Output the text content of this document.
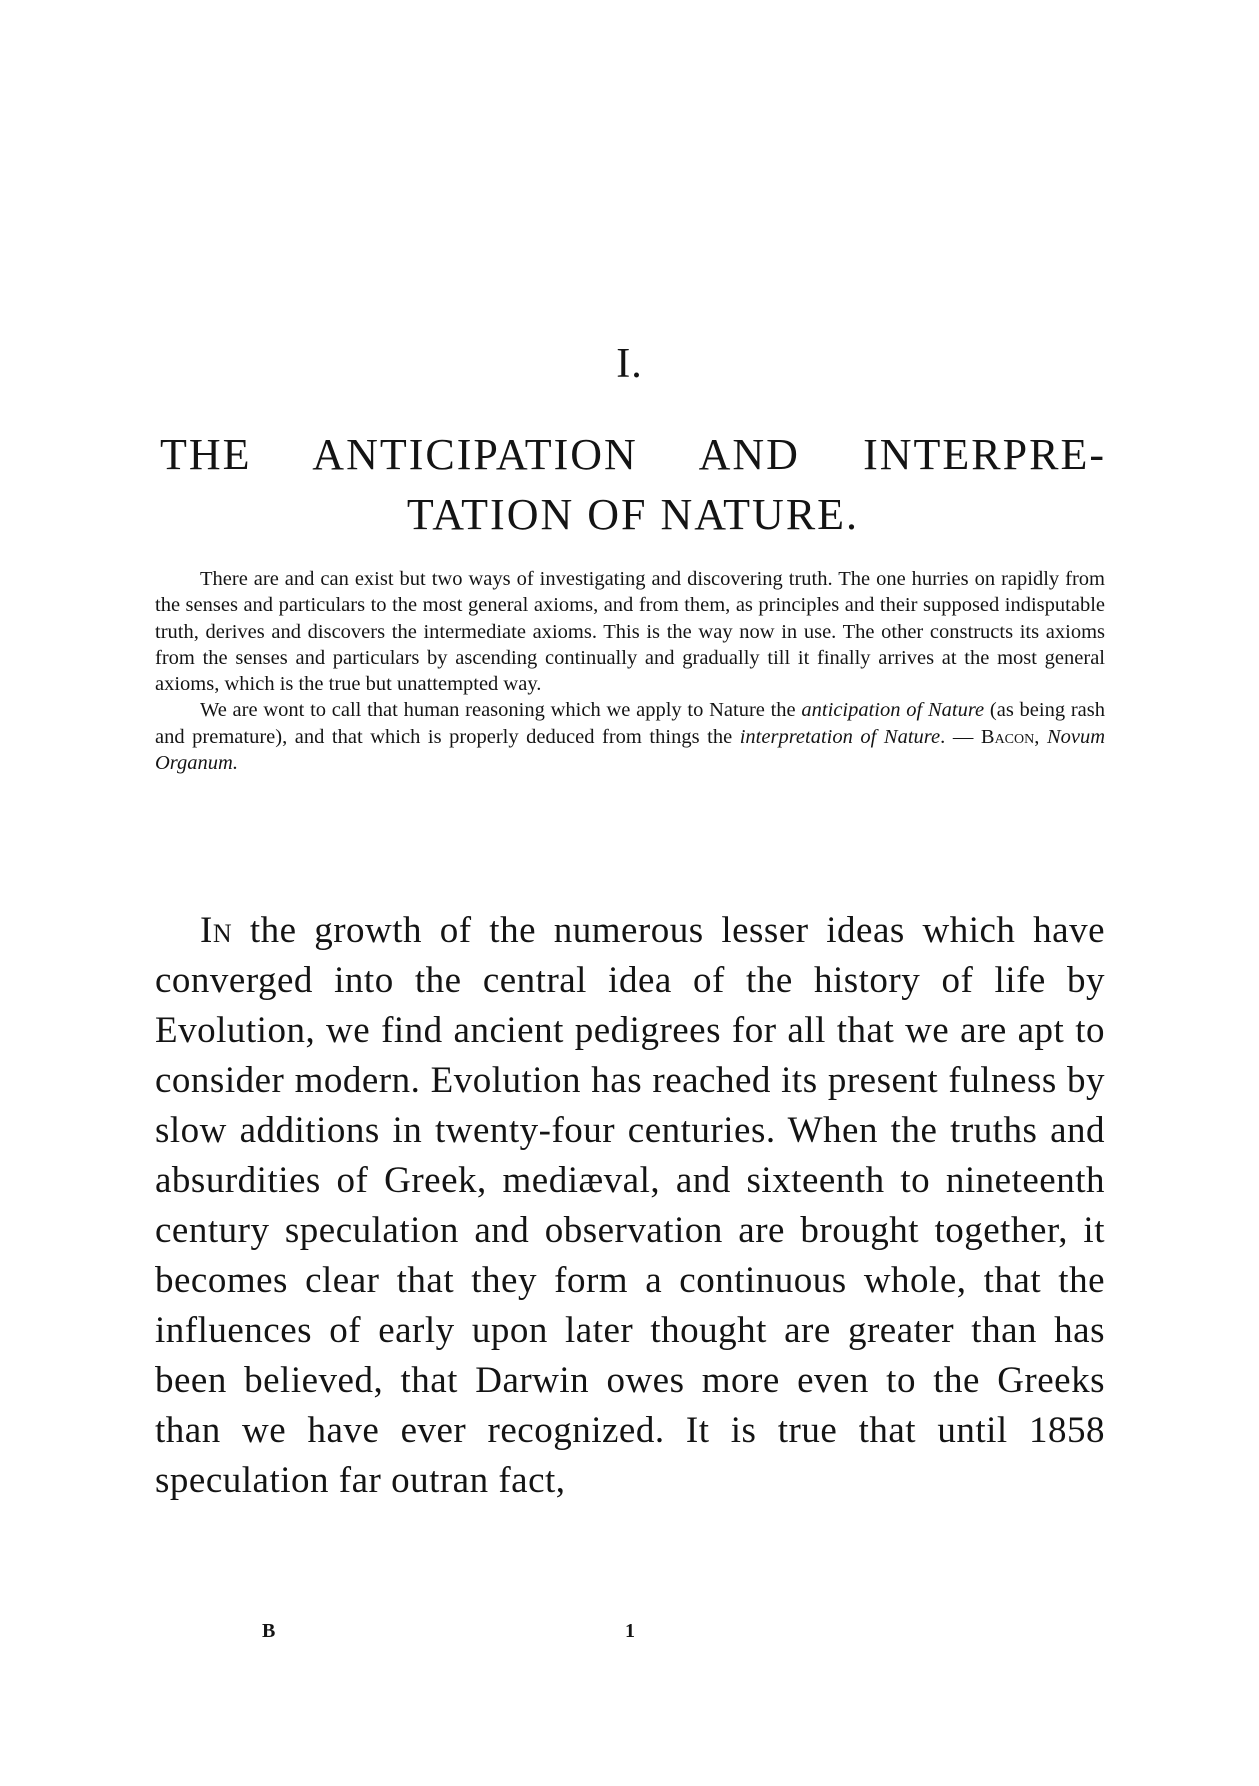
I.
THE ANTICIPATION AND INTERPRE-
TATION OF NATURE.

There are and can exist but two ways of investigating and discovering truth. The one hurries on rapidly from the senses and particulars to the most general axioms, and from them, as principles and their supposed indisputable truth, derives and discovers the intermediate axioms. This is the way now in use. The other constructs its axioms from the senses and particulars by ascending continually and gradually till it finally arrives at the most general axioms, which is the true but unattempted way.

We are wont to call that human reasoning which we apply to Nature the anticipation of Nature (as being rash and premature), and that which is properly deduced from things the interpretation of Nature. — Bacon, Novum Organum.

In the growth of the numerous lesser ideas which have converged into the central idea of the history of life by Evolution, we find ancient pedigrees for all that we are apt to consider modern. Evolution has reached its present fulness by slow additions in twenty-four centuries. When the truths and absurdities of Greek, mediæval, and sixteenth to nineteenth century speculation and observation are brought together, it becomes clear that they form a continuous whole, that the influences of early upon later thought are greater than has been believed, that Darwin owes more even to the Greeks than we have ever recognized. It is true that until 1858 speculation far outran fact,

B	1
